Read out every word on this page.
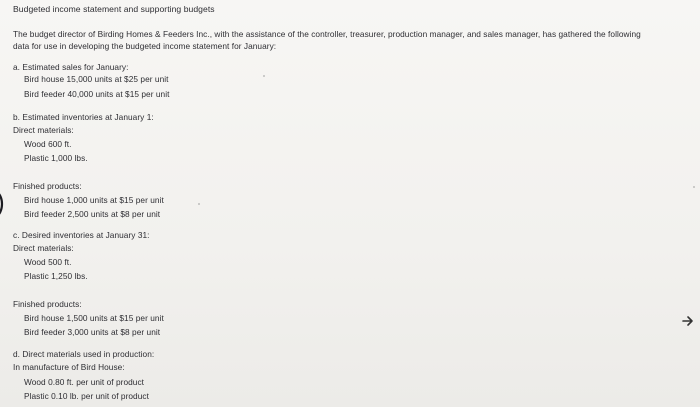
Budgeted income statement and supporting budgets
The budget director of Birding Homes & Feeders Inc., with the assistance of the controller, treasurer, production manager, and sales manager, has gathered the following
data for use in developing the budgeted income statement for January:
a. Estimated sales for January:
Bird house 15,000 units at $25 per unit
Bird feeder 40,000 units at $15 per unit
b. Estimated inventories at January 1:
Direct materials:
Wood 600 ft.
Plastic 1,000 lbs.
Finished products:
Bird house 1,000 units at $15 per unit
Bird feeder 2,500 units at $8 per unit
c. Desired inventories at January 31:
Direct materials:
Wood 500 ft.
Plastic 1,250 lbs.
Finished products:
Bird house 1,500 units at $15 per unit
Bird feeder 3,000 units at $8 per unit
d. Direct materials used in production:
In manufacture of Bird House:
Wood 0.80 ft. per unit of product
Plastic 0.10 lb. per unit of product
